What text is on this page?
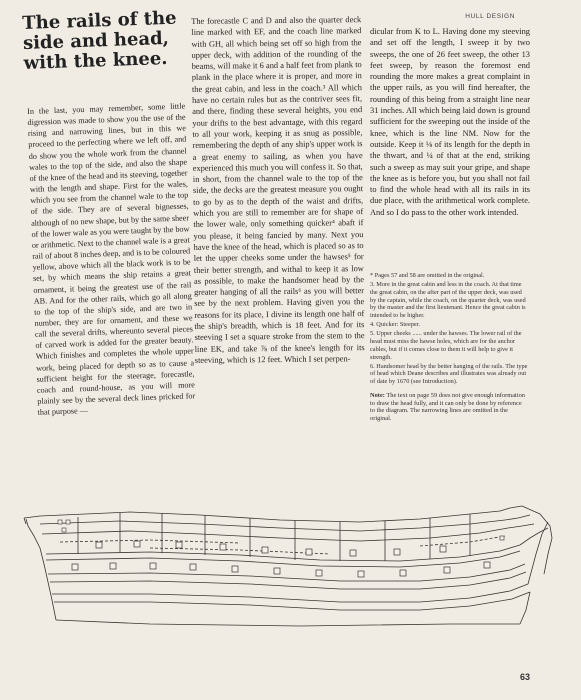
HULL DESIGN
The rails of the side and head, with the knee.

In the last, you may remember, some little digression was made to show you the use of the rising and narrowing lines, but in this we proceed to the perfecting where we left off, and do show you the whole work from the channel wales to the top of the side, and also the shape of the knee of the head and its steeving, together with the length and shape. First for the wales, which you see from the channel wale to the top of the side. They are of several bignesses, although of no new shape, but by the same sheer of the lower wale as you were taught by the bow or arithmetic. Next to the channel wale is a great rail of about 8 inches deep, and is to be coloured yellow, above which all the black work is to be set, by which means the ship retains a great ornament, it being the greatest use of the rail AB. And for the other rails, which go all along to the top of the ship's side, and are two in number, they are for ornament, and these we call the several drifts, whereunto several pieces of carved work is added for the greater beauty. Which finishes and completes the whole upper work, being placed for depth so as to cause a sufficient height for the steerage, forecastle, coach and round-house, as you will more plainly see by the several deck lines pricked for that purpose —

The forecastle C and D and also the quarter deck line marked with EF, and the coach line marked with GH, all which being set off so high from the upper deck, with addition of the rounding of the beams, will make it 6 and a half feet from plank to plank in the place where it is proper, and more in the great cabin, and less in the coach.³ All which have no certain rules but as the contriver sees fit, and there, finding these several heights, you end your drifts to the best advantage, with this regard to all your work, keeping it as snug as possible, remembering the depth of any ship's upper work is a great enemy to sailing, as when you have experienced this much you will confess it. So that, in short, from the channel wale to the top of the side, the decks are the greatest measure you ought to go by as to the depth of the waist and drifts, which you are still to remember are for shape of the lower wale, only something quicker⁴ abaft if you please, it being fancied by many. Next you have the knee of the head, which is placed so as to let the upper cheeks some under the hawses⁵ for their better strength, and withal to keep it as low as possible, to make the handsomer head by the greater hanging of all the rails⁶ as you will better see by the next problem. Having given you the reasons for its place, I divine its length one half of the ship's breadth, which is 18 feet. And for its steeving I set a square stroke from the stem to the line EK, and take ⅞ of the knee's length for its steeving, which is 12 feet. Which I set perpen-

dicular from K to L. Having done my steeving and set off the length, I sweep it by two sweeps, the one of 26 feet sweep, the other 13 feet sweep, by reason the foremost end rounding the more makes a great complaint in the upper rails, as you will find hereafter, the rounding of this being from a straight line near 31 inches. All which being laid down is ground sufficient for the sweeping out the inside of the knee, which is the line NM. Now for the outside. Keep it ⅛ of its length for the depth in the thwart, and ¼ of that at the end, striking such a sweep as may suit your gripe, and shape the knee as is before you, but you shall not fail to find the whole head with all its rails in its due place, with the arithmetical work complete. And so I do pass to the other work intended.

* Pages 57 and 58 are omitted in the original.

3. More in the great cabin and less in the coach. At that time the great cabin, on the after part of the upper deck, was used by the captain, while the coach, on the quarter deck, was used by the master and the first lieutenant. Hence the great cabin is intended to be higher.

4. Quicker: Steeper.

5. Upper cheeks ...... under the hawses. The lower rail of the head must miss the hawse holes, which are for the anchor cables, but if it comes close to them it will help to give it strength.

6. Handsomer head by the better hanging of the rails. The type of head which Deane describes and illustrates was already out of date by 1670 (see Introduction).

Note: The text on page 59 does not give enough information to draw the head fully, and it can only be done by reference to the diagram. The narrowing lines are omitted in the original.

63
